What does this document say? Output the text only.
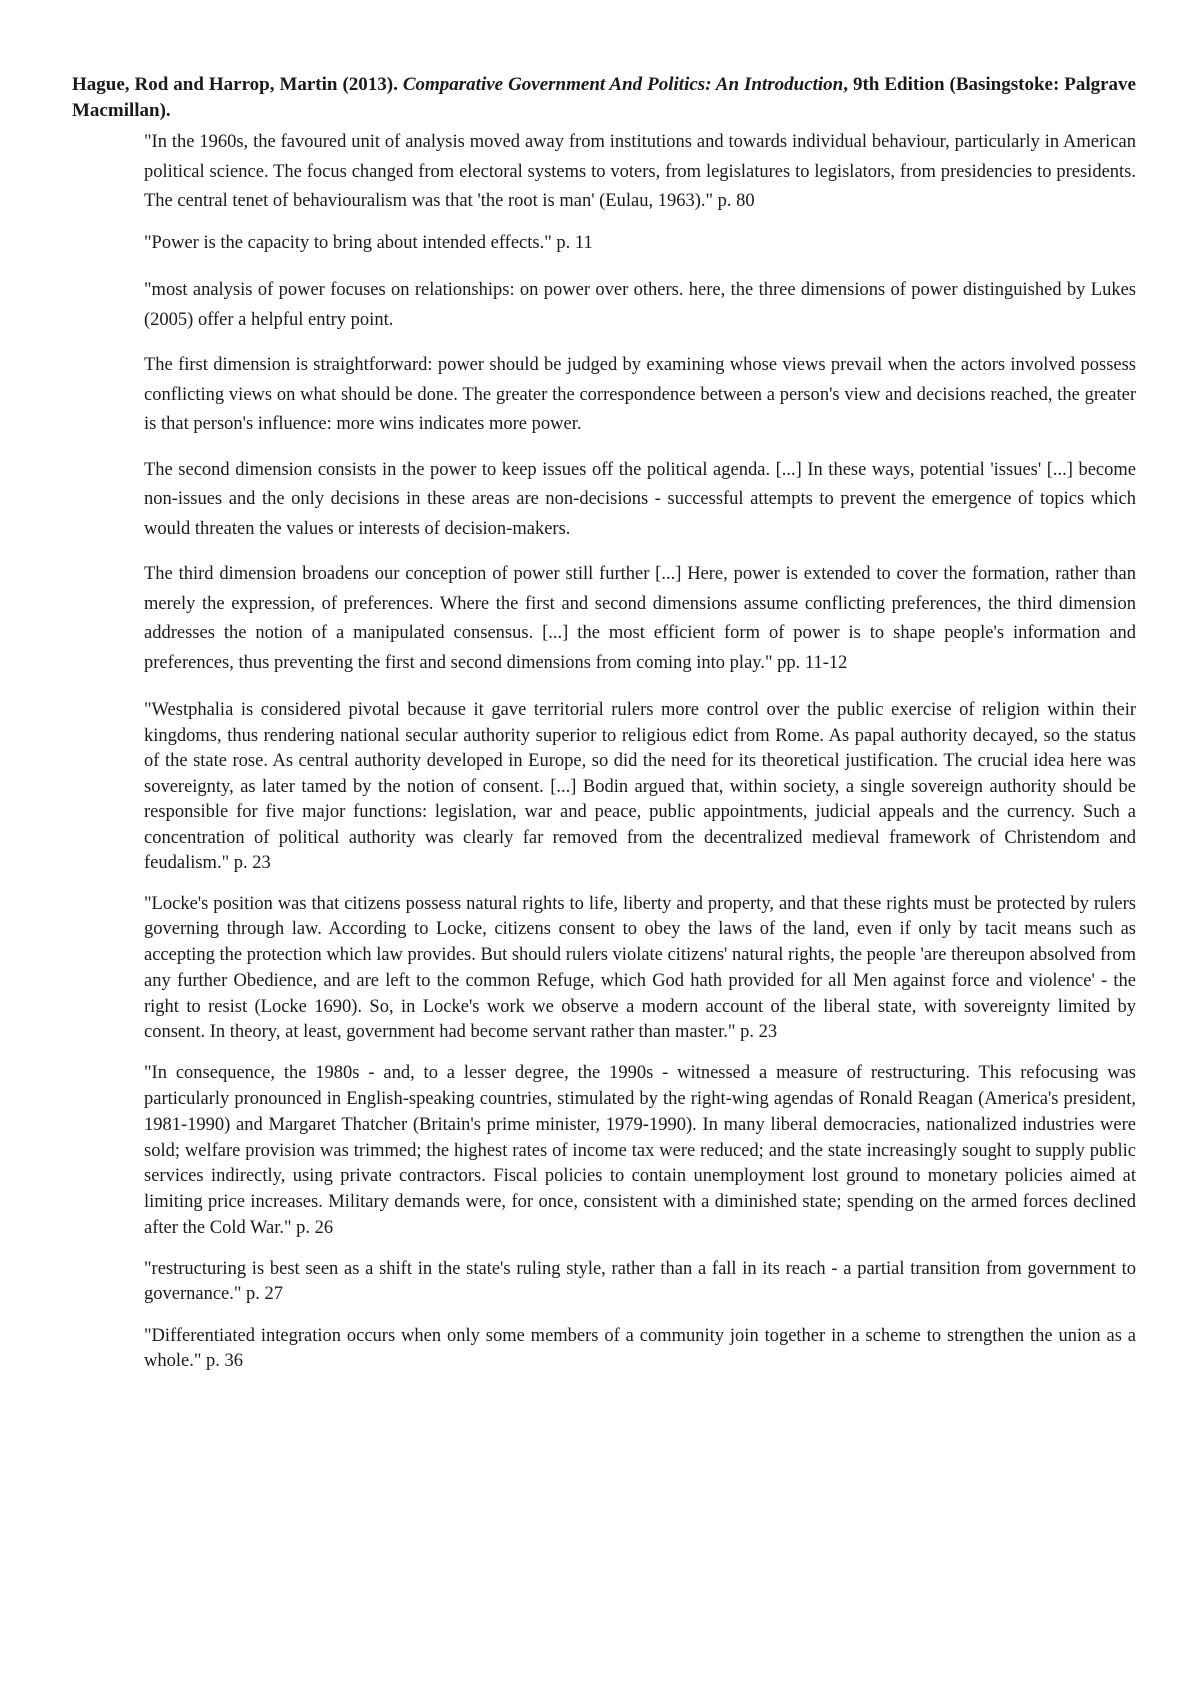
Hague, Rod and Harrop, Martin (2013). Comparative Government And Politics: An Introduction, 9th Edition (Basingstoke: Palgrave Macmillan).

"In the 1960s, the favoured unit of analysis moved away from institutions and towards individual behaviour, particularly in American political science. The focus changed from electoral systems to voters, from legislatures to legislators, from presidencies to presidents. The central tenet of behaviouralism was that 'the root is man' (Eulau, 1963)." p. 80

"Power is the capacity to bring about intended effects." p. 11

"most analysis of power focuses on relationships: on power over others. here, the three dimensions of power distinguished by Lukes (2005) offer a helpful entry point.

The first dimension is straightforward: power should be judged by examining whose views prevail when the actors involved possess conflicting views on what should be done. The greater the correspondence between a person's view and decisions reached, the greater is that person's influence: more wins indicates more power.

The second dimension consists in the power to keep issues off the political agenda. [...] In these ways, potential 'issues' [...] become non-issues and the only decisions in these areas are non-decisions - successful attempts to prevent the emergence of topics which would threaten the values or interests of decision-makers.

The third dimension broadens our conception of power still further [...] Here, power is extended to cover the formation, rather than merely the expression, of preferences. Where the first and second dimensions assume conflicting preferences, the third dimension addresses the notion of a manipulated consensus. [...] the most efficient form of power is to shape people's information and preferences, thus preventing the first and second dimensions from coming into play." pp. 11-12

"Westphalia is considered pivotal because it gave territorial rulers more control over the public exercise of religion within their kingdoms, thus rendering national secular authority superior to religious edict from Rome. As papal authority decayed, so the status of the state rose. As central authority developed in Europe, so did the need for its theoretical justification. The crucial idea here was sovereignty, as later tamed by the notion of consent. [...] Bodin argued that, within society, a single sovereign authority should be responsible for five major functions: legislation, war and peace, public appointments, judicial appeals and the currency. Such a concentration of political authority was clearly far removed from the decentralized medieval framework of Christendom and feudalism." p. 23

"Locke's position was that citizens possess natural rights to life, liberty and property, and that these rights must be protected by rulers governing through law. According to Locke, citizens consent to obey the laws of the land, even if only by tacit means such as accepting the protection which law provides. But should rulers violate citizens' natural rights, the people 'are thereupon absolved from any further Obedience, and are left to the common Refuge, which God hath provided for all Men against force and violence' - the right to resist (Locke 1690). So, in Locke's work we observe a modern account of the liberal state, with sovereignty limited by consent. In theory, at least, government had become servant rather than master." p. 23

"In consequence, the 1980s - and, to a lesser degree, the 1990s - witnessed a measure of restructuring. This refocusing was particularly pronounced in English-speaking countries, stimulated by the right-wing agendas of Ronald Reagan (America's president, 1981-1990) and Margaret Thatcher (Britain's prime minister, 1979-1990). In many liberal democracies, nationalized industries were sold; welfare provision was trimmed; the highest rates of income tax were reduced; and the state increasingly sought to supply public services indirectly, using private contractors. Fiscal policies to contain unemployment lost ground to monetary policies aimed at limiting price increases. Military demands were, for once, consistent with a diminished state; spending on the armed forces declined after the Cold War." p. 26

"restructuring is best seen as a shift in the state's ruling style, rather than a fall in its reach - a partial transition from government to governance." p. 27

"Differentiated integration occurs when only some members of a community join together in a scheme to strengthen the union as a whole." p. 36
